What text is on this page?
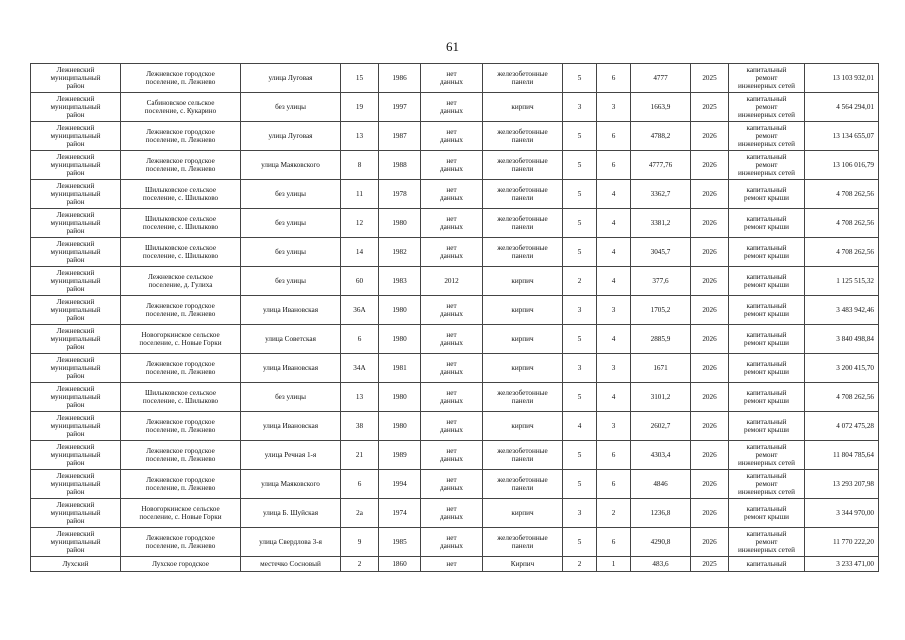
61
Лежневский
муниципальный
район	Лежневское городское
поселение, п. Лежнево	улица Луговая	15	1986	нет
данных	железобетонные
панели	5	6	4777	2025	капитальный
ремонт
инженерных сетей	13 103 932,01
Лежневский
муниципальный
район	Сабиновское сельское
поселение, с. Кукарино	без улицы	19	1997	нет
данных	кирпич	3	3	1663,9	2025	капитальный
ремонт
инженерных сетей	4 564 294,01
Лежневский
муниципальный
район	Лежневское городское
поселение, п. Лежнево	улица Луговая	13	1987	нет
данных	железобетонные
панели	5	6	4788,2	2026	капитальный
ремонт
инженерных сетей	13 134 655,07
Лежневский
муниципальный
район	Лежневское городское
поселение, п. Лежнево	улица Маяковского	8	1988	нет
данных	железобетонные
панели	5	6	4777,76	2026	капитальный
ремонт
инженерных сетей	13 106 016,79
Лежневский
муниципальный
район	Шилыковское сельское
поселение, с. Шилыково	без улицы	11	1978	нет
данных	железобетонные
панели	5	4	3362,7	2026	капитальный
ремонт крыши	4 708 262,56
Лежневский
муниципальный
район	Шилыковское сельское
поселение, с. Шилыково	без улицы	12	1980	нет
данных	железобетонные
панели	5	4	3381,2	2026	капитальный
ремонт крыши	4 708 262,56
Лежневский
муниципальный
район	Шилыковское сельское
поселение, с. Шилыково	без улицы	14	1982	нет
данных	железобетонные
панели	5	4	3045,7	2026	капитальный
ремонт крыши	4 708 262,56
Лежневский
муниципальный
район	Лежневское сельское
поселение, д. Гулиха	без улицы	60	1983	2012	кирпич	2	4	377,6	2026	капитальный
ремонт крыши	1 125 515,32
Лежневский
муниципальный
район	Лежневское городское
поселение, п. Лежнево	улица Ивановская	36А	1980	нет
данных	кирпич	3	3	1705,2	2026	капитальный
ремонт крыши	3 483 942,46
Лежневский
муниципальный
район	Новогоркинское сельское
поселение, с. Новые Горки	улица Советская	6	1980	нет
данных	кирпич	5	4	2885,9	2026	капитальный
ремонт крыши	3 840 498,84
Лежневский
муниципальный
район	Лежневское городское
поселение, п. Лежнево	улица Ивановская	34А	1981	нет
данных	кирпич	3	3	1671	2026	капитальный
ремонт крыши	3 200 415,70
Лежневский
муниципальный
район	Шилыковское сельское
поселение, с. Шилыково	без улицы	13	1980	нет
данных	железобетонные
панели	5	4	3101,2	2026	капитальный
ремонт крыши	4 708 262,56
Лежневский
муниципальный
район	Лежневское городское
поселение, п. Лежнево	улица Ивановская	38	1980	нет
данных	кирпич	4	3	2602,7	2026	капитальный
ремонт крыши	4 072 475,28
Лежневский
муниципальный
район	Лежневское городское
поселение, п. Лежнево	улица Речная 1-я	21	1989	нет
данных	железобетонные
панели	5	6	4303,4	2026	капитальный
ремонт
инженерных сетей	11 804 785,64
Лежневский
муниципальный
район	Лежневское городское
поселение, п. Лежнево	улица Маяковского	6	1994	нет
данных	железобетонные
панели	5	6	4846	2026	капитальный
ремонт
инженерных сетей	13 293 207,98
Лежневский
муниципальный
район	Новогоркинское сельское
поселение, с. Новые Горки	улица Б. Шуйская	2а	1974	нет
данных	кирпич	3	2	1236,8	2026	капитальный
ремонт крыши	3 344 970,00
Лежневский
муниципальный
район	Лежневское городское
поселение, п. Лежнево	улица Свердлова 3-я	9	1985	нет
данных	железобетонные
панели	5	6	4290,8	2026	капитальный
ремонт
инженерных сетей	11 770 222,20
Лухский	Лухское городское	местечко Сосновый	2	1860	нет	Кирпич	2	1	483,6	2025	капитальный	3 233 471,00
